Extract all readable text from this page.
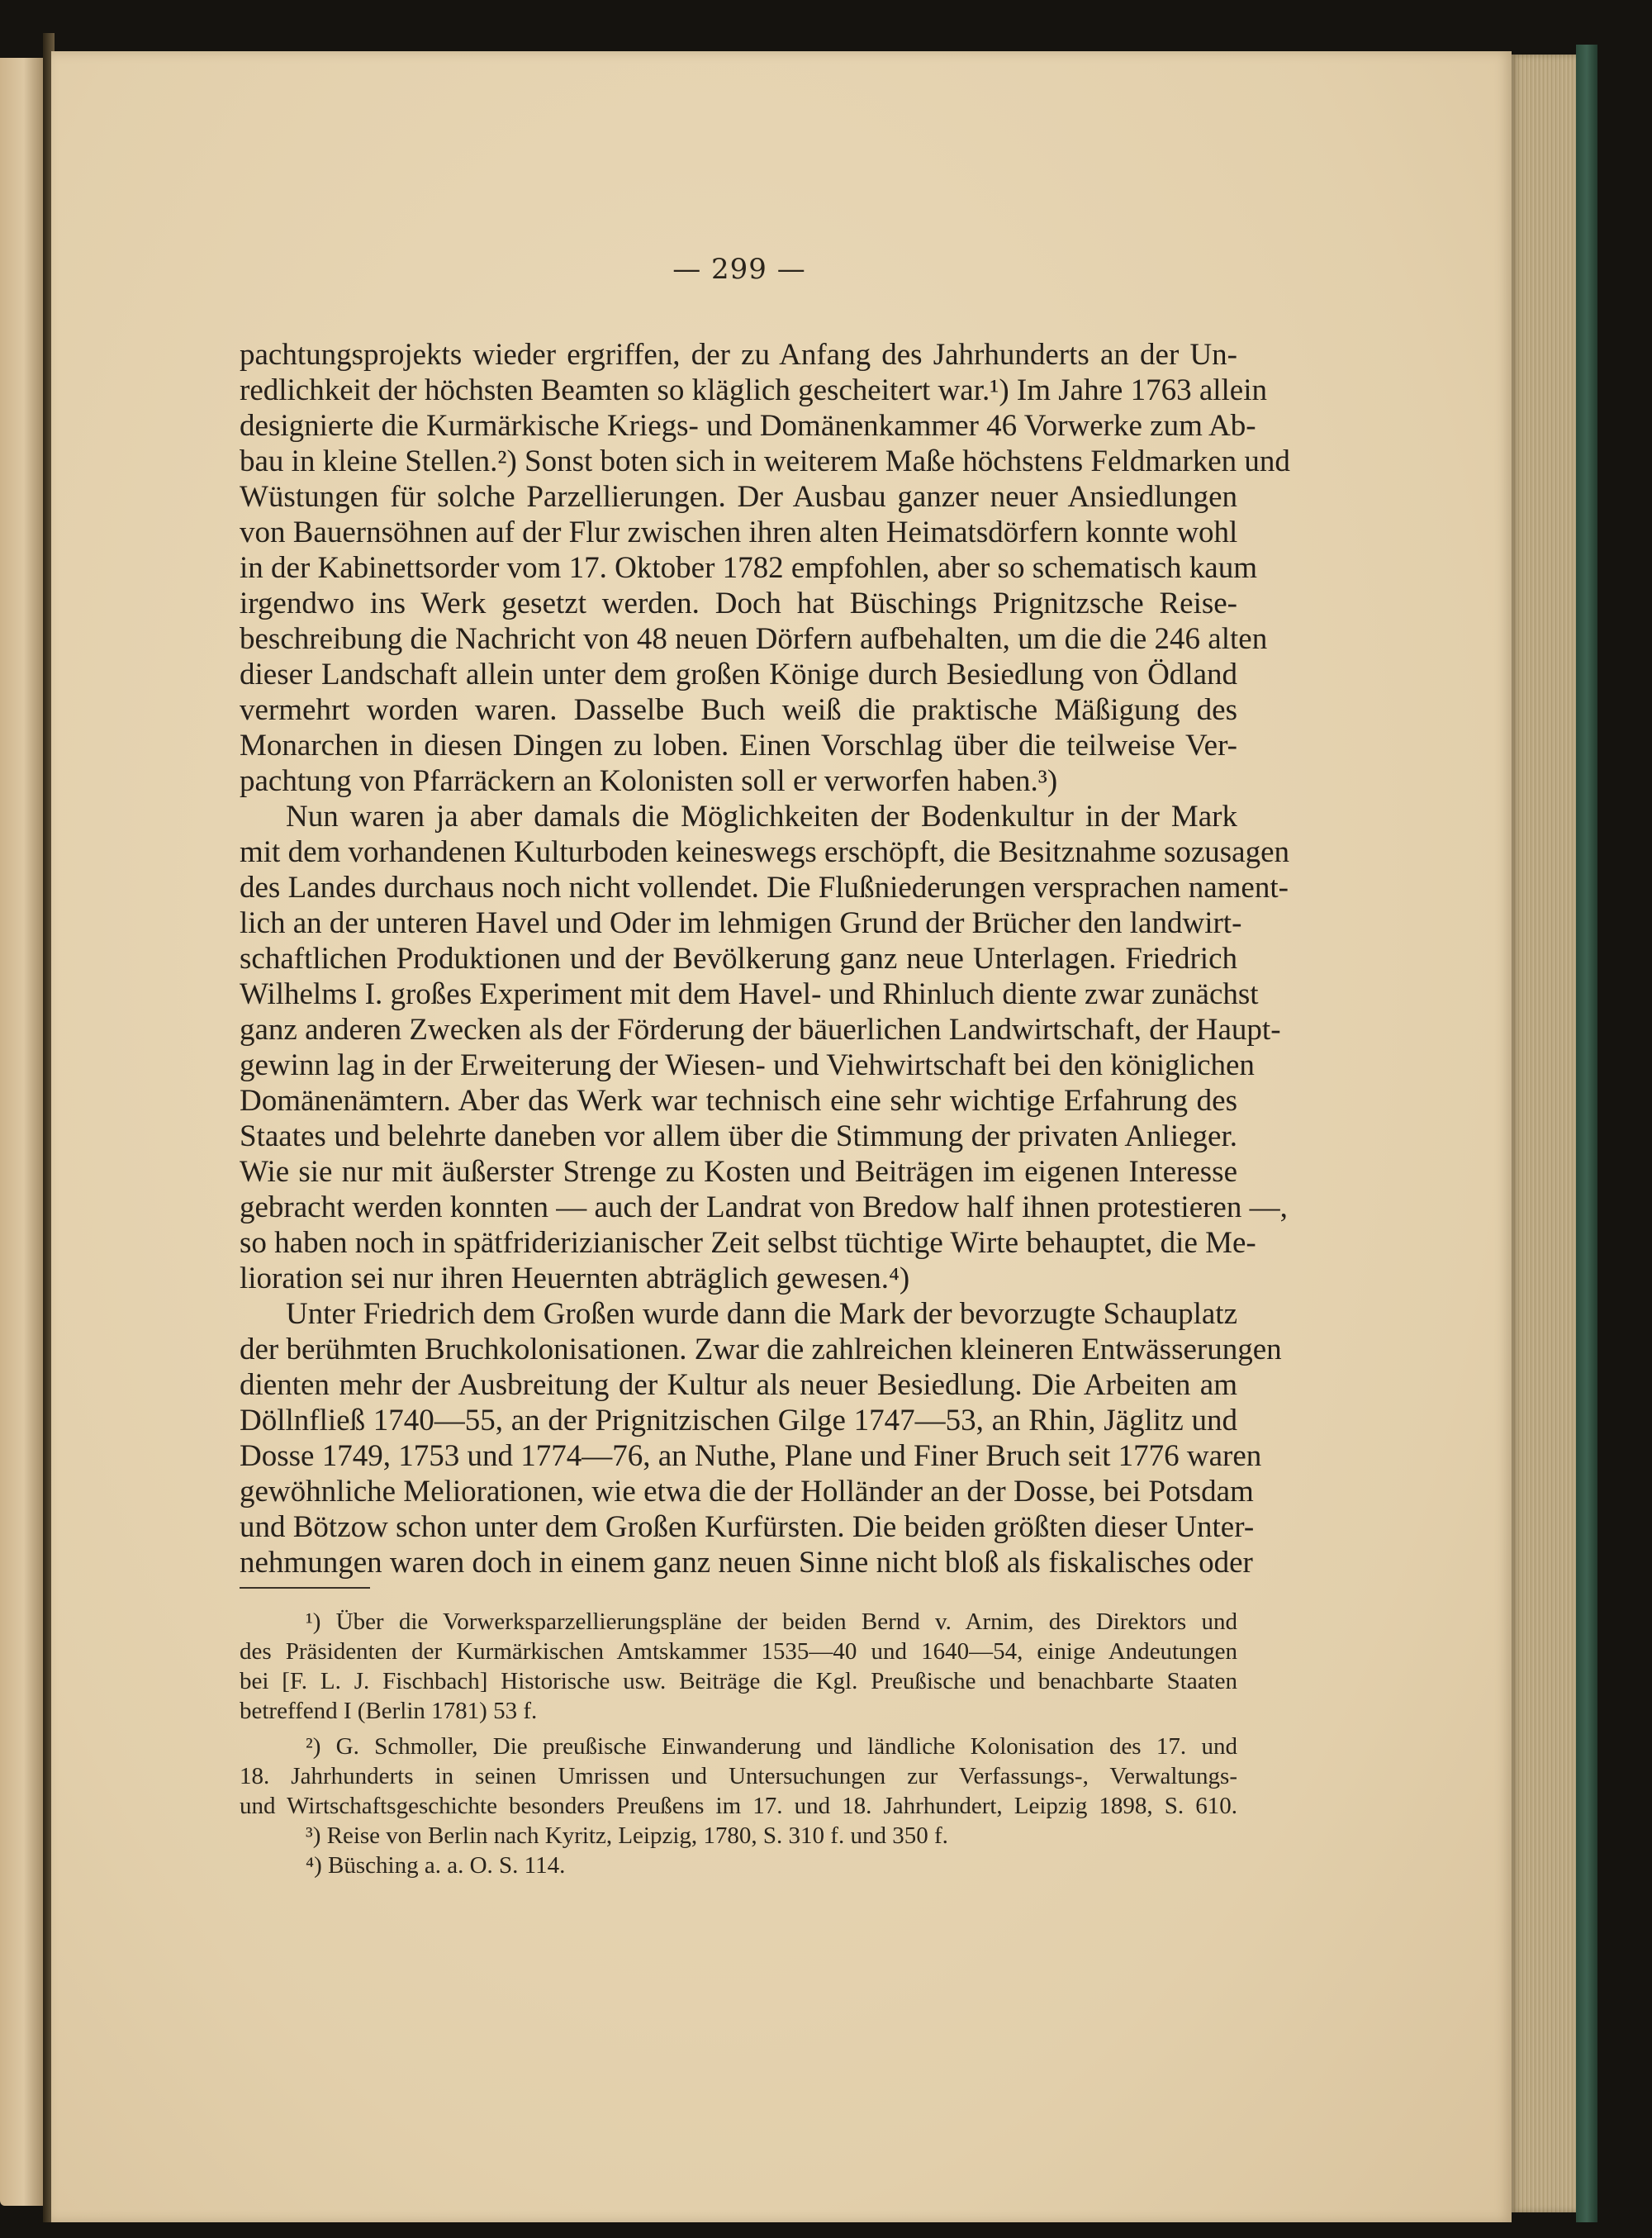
— 299 —
pachtungsprojekts wieder ergriffen, der zu Anfang des Jahrhunderts an der Un-
redlichkeit der höchsten Beamten so kläglich gescheitert war.¹) Im Jahre 1763 allein
designierte die Kurmärkische Kriegs- und Domänenkammer 46 Vorwerke zum Ab-
bau in kleine Stellen.²) Sonst boten sich in weiterem Maße höchstens Feldmarken und
Wüstungen für solche Parzellierungen. Der Ausbau ganzer neuer Ansiedlungen
von Bauernsöhnen auf der Flur zwischen ihren alten Heimatsdörfern konnte wohl
in der Kabinettsorder vom 17. Oktober 1782 empfohlen, aber so schematisch kaum
irgendwo ins Werk gesetzt werden. Doch hat Büschings Prignitzsche Reise-
beschreibung die Nachricht von 48 neuen Dörfern aufbehalten, um die die 246 alten
dieser Landschaft allein unter dem großen Könige durch Besiedlung von Ödland
vermehrt worden waren. Dasselbe Buch weiß die praktische Mäßigung des
Monarchen in diesen Dingen zu loben. Einen Vorschlag über die teilweise Ver-
pachtung von Pfarräckern an Kolonisten soll er verworfen haben.³)
Nun waren ja aber damals die Möglichkeiten der Bodenkultur in der Mark
mit dem vorhandenen Kulturboden keineswegs erschöpft, die Besitznahme sozusagen
des Landes durchaus noch nicht vollendet. Die Flußniederungen versprachen nament-
lich an der unteren Havel und Oder im lehmigen Grund der Brücher den landwirt-
schaftlichen Produktionen und der Bevölkerung ganz neue Unterlagen. Friedrich
Wilhelms I. großes Experiment mit dem Havel- und Rhinluch diente zwar zunächst
ganz anderen Zwecken als der Förderung der bäuerlichen Landwirtschaft, der Haupt-
gewinn lag in der Erweiterung der Wiesen- und Viehwirtschaft bei den königlichen
Domänenämtern. Aber das Werk war technisch eine sehr wichtige Erfahrung des
Staates und belehrte daneben vor allem über die Stimmung der privaten Anlieger.
Wie sie nur mit äußerster Strenge zu Kosten und Beiträgen im eigenen Interesse
gebracht werden konnten — auch der Landrat von Bredow half ihnen protestieren —,
so haben noch in spätfriderizianischer Zeit selbst tüchtige Wirte behauptet, die Me-
lioration sei nur ihren Heuernten abträglich gewesen.⁴)
Unter Friedrich dem Großen wurde dann die Mark der bevorzugte Schauplatz
der berühmten Bruchkolonisationen. Zwar die zahlreichen kleineren Entwässerungen
dienten mehr der Ausbreitung der Kultur als neuer Besiedlung. Die Arbeiten am
Döllnfließ 1740—55, an der Prignitzischen Gilge 1747—53, an Rhin, Jäglitz und
Dosse 1749, 1753 und 1774—76, an Nuthe, Plane und Finer Bruch seit 1776 waren
gewöhnliche Meliorationen, wie etwa die der Holländer an der Dosse, bei Potsdam
und Bötzow schon unter dem Großen Kurfürsten. Die beiden größten dieser Unter-
nehmungen waren doch in einem ganz neuen Sinne nicht bloß als fiskalisches oder
¹) Über die Vorwerksparzellierungspläne der beiden Bernd v. Arnim, des Direktors und
des Präsidenten der Kurmärkischen Amtskammer 1535—40 und 1640—54, einige Andeutungen
bei [F. L. J. Fischbach] Historische usw. Beiträge die Kgl. Preußische und benachbarte Staaten
betreffend I (Berlin 1781) 53 f.
²) G. Schmoller, Die preußische Einwanderung und ländliche Kolonisation des 17. und
18. Jahrhunderts in seinen Umrissen und Untersuchungen zur Verfassungs-, Verwaltungs-
und Wirtschaftsgeschichte besonders Preußens im 17. und 18. Jahrhundert, Leipzig 1898, S. 610.
³) Reise von Berlin nach Kyritz, Leipzig, 1780, S. 310 f. und 350 f.
⁴) Büsching a. a. O. S. 114.
